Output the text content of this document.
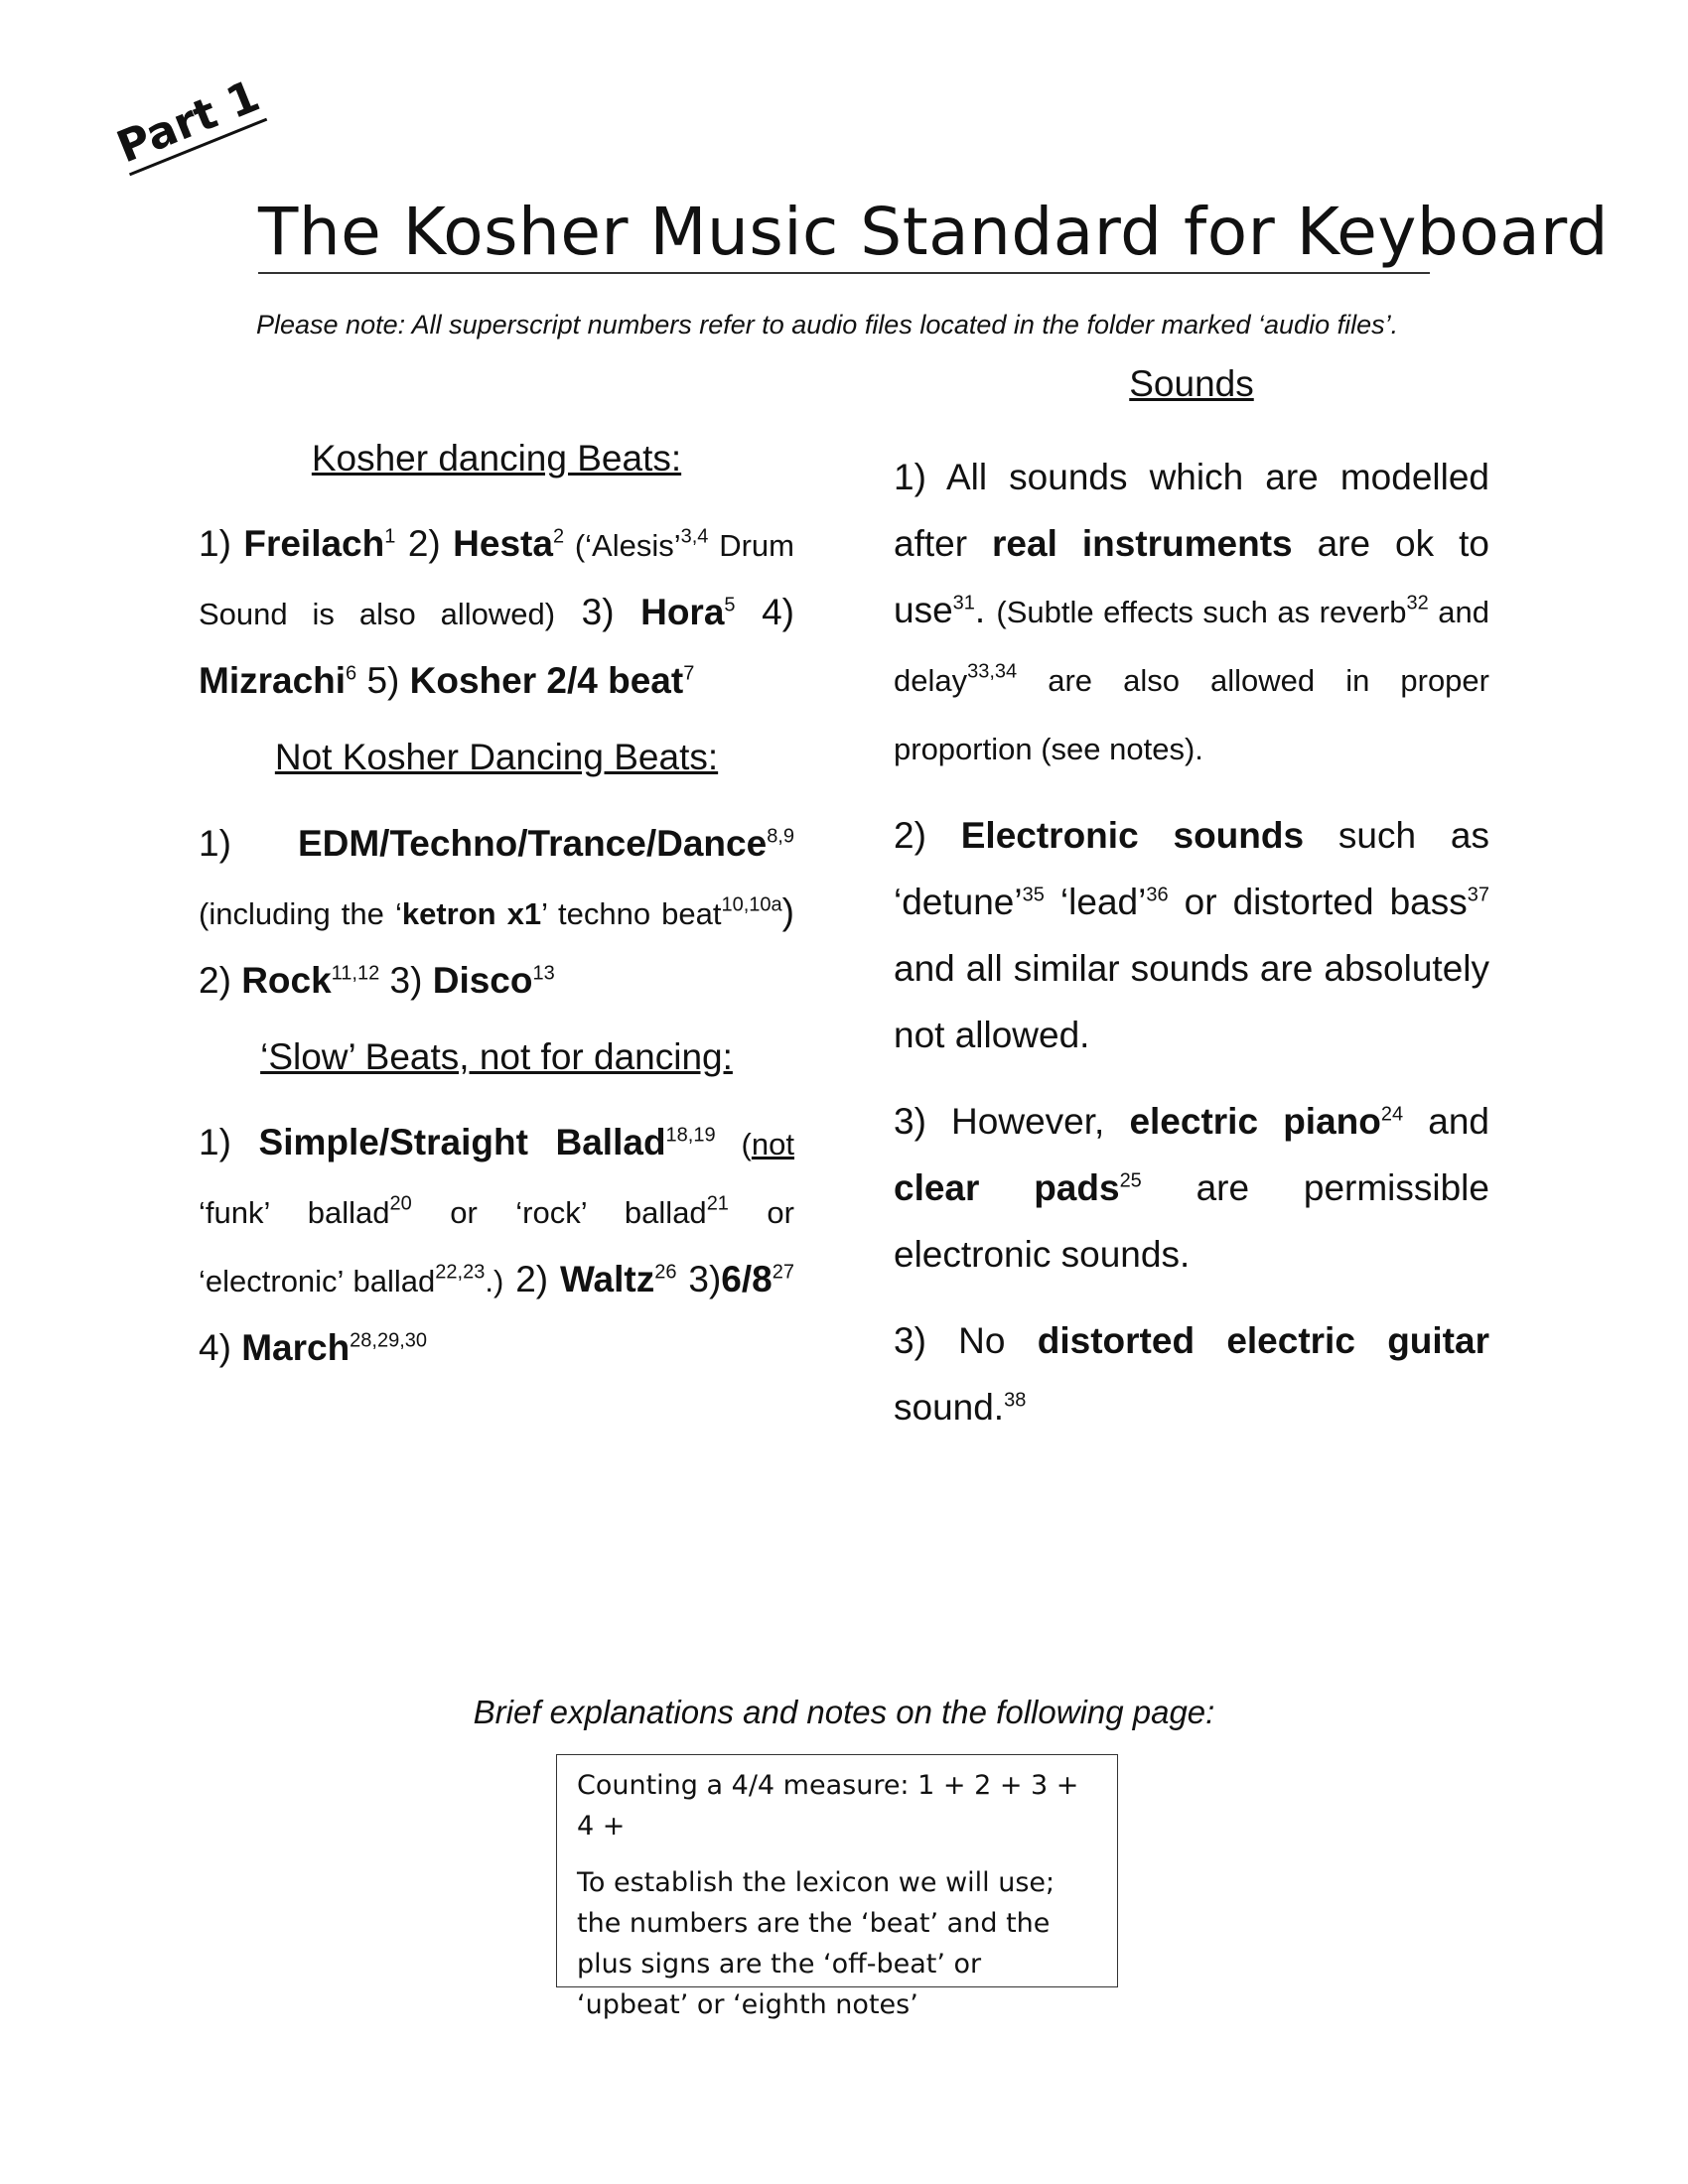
Part 1
The Kosher Music Standard for Keyboard
Please note: All superscript numbers refer to audio files located in the folder marked ‘audio files’.
Kosher dancing Beats:

1) Freilach$^1$ 2) Hesta$^2$ (‘Alesis’$^{3,4}$ Drum Sound is also allowed) 3) Hora$^5$ 4) Mizrachi$^6$ 5) Kosher 2/4 beat$^7$

Not Kosher Dancing Beats:

1) EDM/Techno/Trance/Dance$^{8,9}$ (including the ‘ketron x1’ techno beat$^{10,10a}$) 2) Rock$^{11,12}$ 3) Disco$^{13}$

‘Slow’ Beats, not for dancing:

1) Simple/Straight Ballad$^{18,19}$ (not ‘funk’ ballad$^{20}$ or ‘rock’ ballad$^{21}$ or ‘electronic’ ballad$^{22,23}$.) 2) Waltz$^{26}$ $3)6/8^{27}$ 4) March$^{28,29,30}$

Sounds

1) All sounds which are modelled after real instruments are ok to use$^{31}$. (Subtle effects such as reverb$^{32}$ and delay$^{33,34}$ are also allowed in proper proportion (see notes).

2) Electronic sounds such as ‘detune’$^{35}$ ‘lead’$^{36}$ or distorted bass$^{37}$ and all similar sounds are absolutely not allowed.

3) However, electric piano$^{24}$ and clear pads$^{25}$ are permissible electronic sounds.

3) No distorted electric guitar sound.$^{38}$

Brief explanations and notes on the following page:

Counting a 4/4 measure: 1 + 2 + 3 + 4 +

To establish the lexicon we will use; the numbers are the ‘beat’ and the plus signs are the ‘off-beat’ or ‘upbeat’ or ‘eighth notes’
